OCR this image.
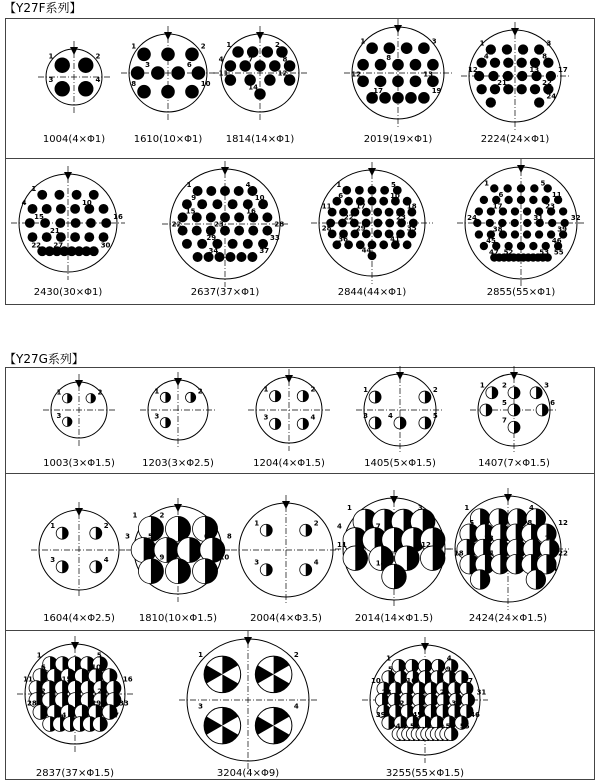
【Y27F系列】
【Y27G系列】
1	2
3	4
1004(4×Φ1)
1	2
3	6
8	10
1610(10×Φ1)
1	2
4	7	8
11	12
14
1814(14×Φ1)
1	3
8
12	13
17	19
2019(19×Φ1)
1	3
4	8
12	13	17
21	22
24
2224(24×Φ1)
1
4	10
15	16
21
22 27	30
2430(30×Φ1)
1	4
9	10
15	16
22	23	28
29	33
34	37
2637(37×Φ1)
1	5
6	10
11	17	18
22	23
28	29	35
36	41
44
2844(44×Φ1)
1	5
6	11
17	23
24	31	32
38	39
45	46
47 52	53 55
2855(55×Φ1)
1	2
3
1003(3×Φ1.5)
1	2
3
1203(3×Φ2.5)
1	2
3	4
1204(4×Φ1.5)
1	2
3	4	5
1405(5×Φ1.5)
1 2	3
5	6
7
1407(7×Φ1.5)
1	2
3	4
1604(4×Φ2.5)
1	2
3	5	6	8
9	10
1810(10×Φ1.5)
1	2
3	4
2004(4×Φ3.5)
1	3
4	7	8
11	12
14
2014(14×Φ1.5)
1	4
5	8	12
13	17
18	21	22
24
2424(24×Φ1.5)
1	5
6	10
11	15	16
22	23
28	29	33
34	37
2837(37×Φ1.5)
1	2
3	4
3204(4×Φ9)
1	4
5	9
10	16	17
23	24	31
32	38
39	45	46
47 52	53 55
3255(55×Φ1.5)
